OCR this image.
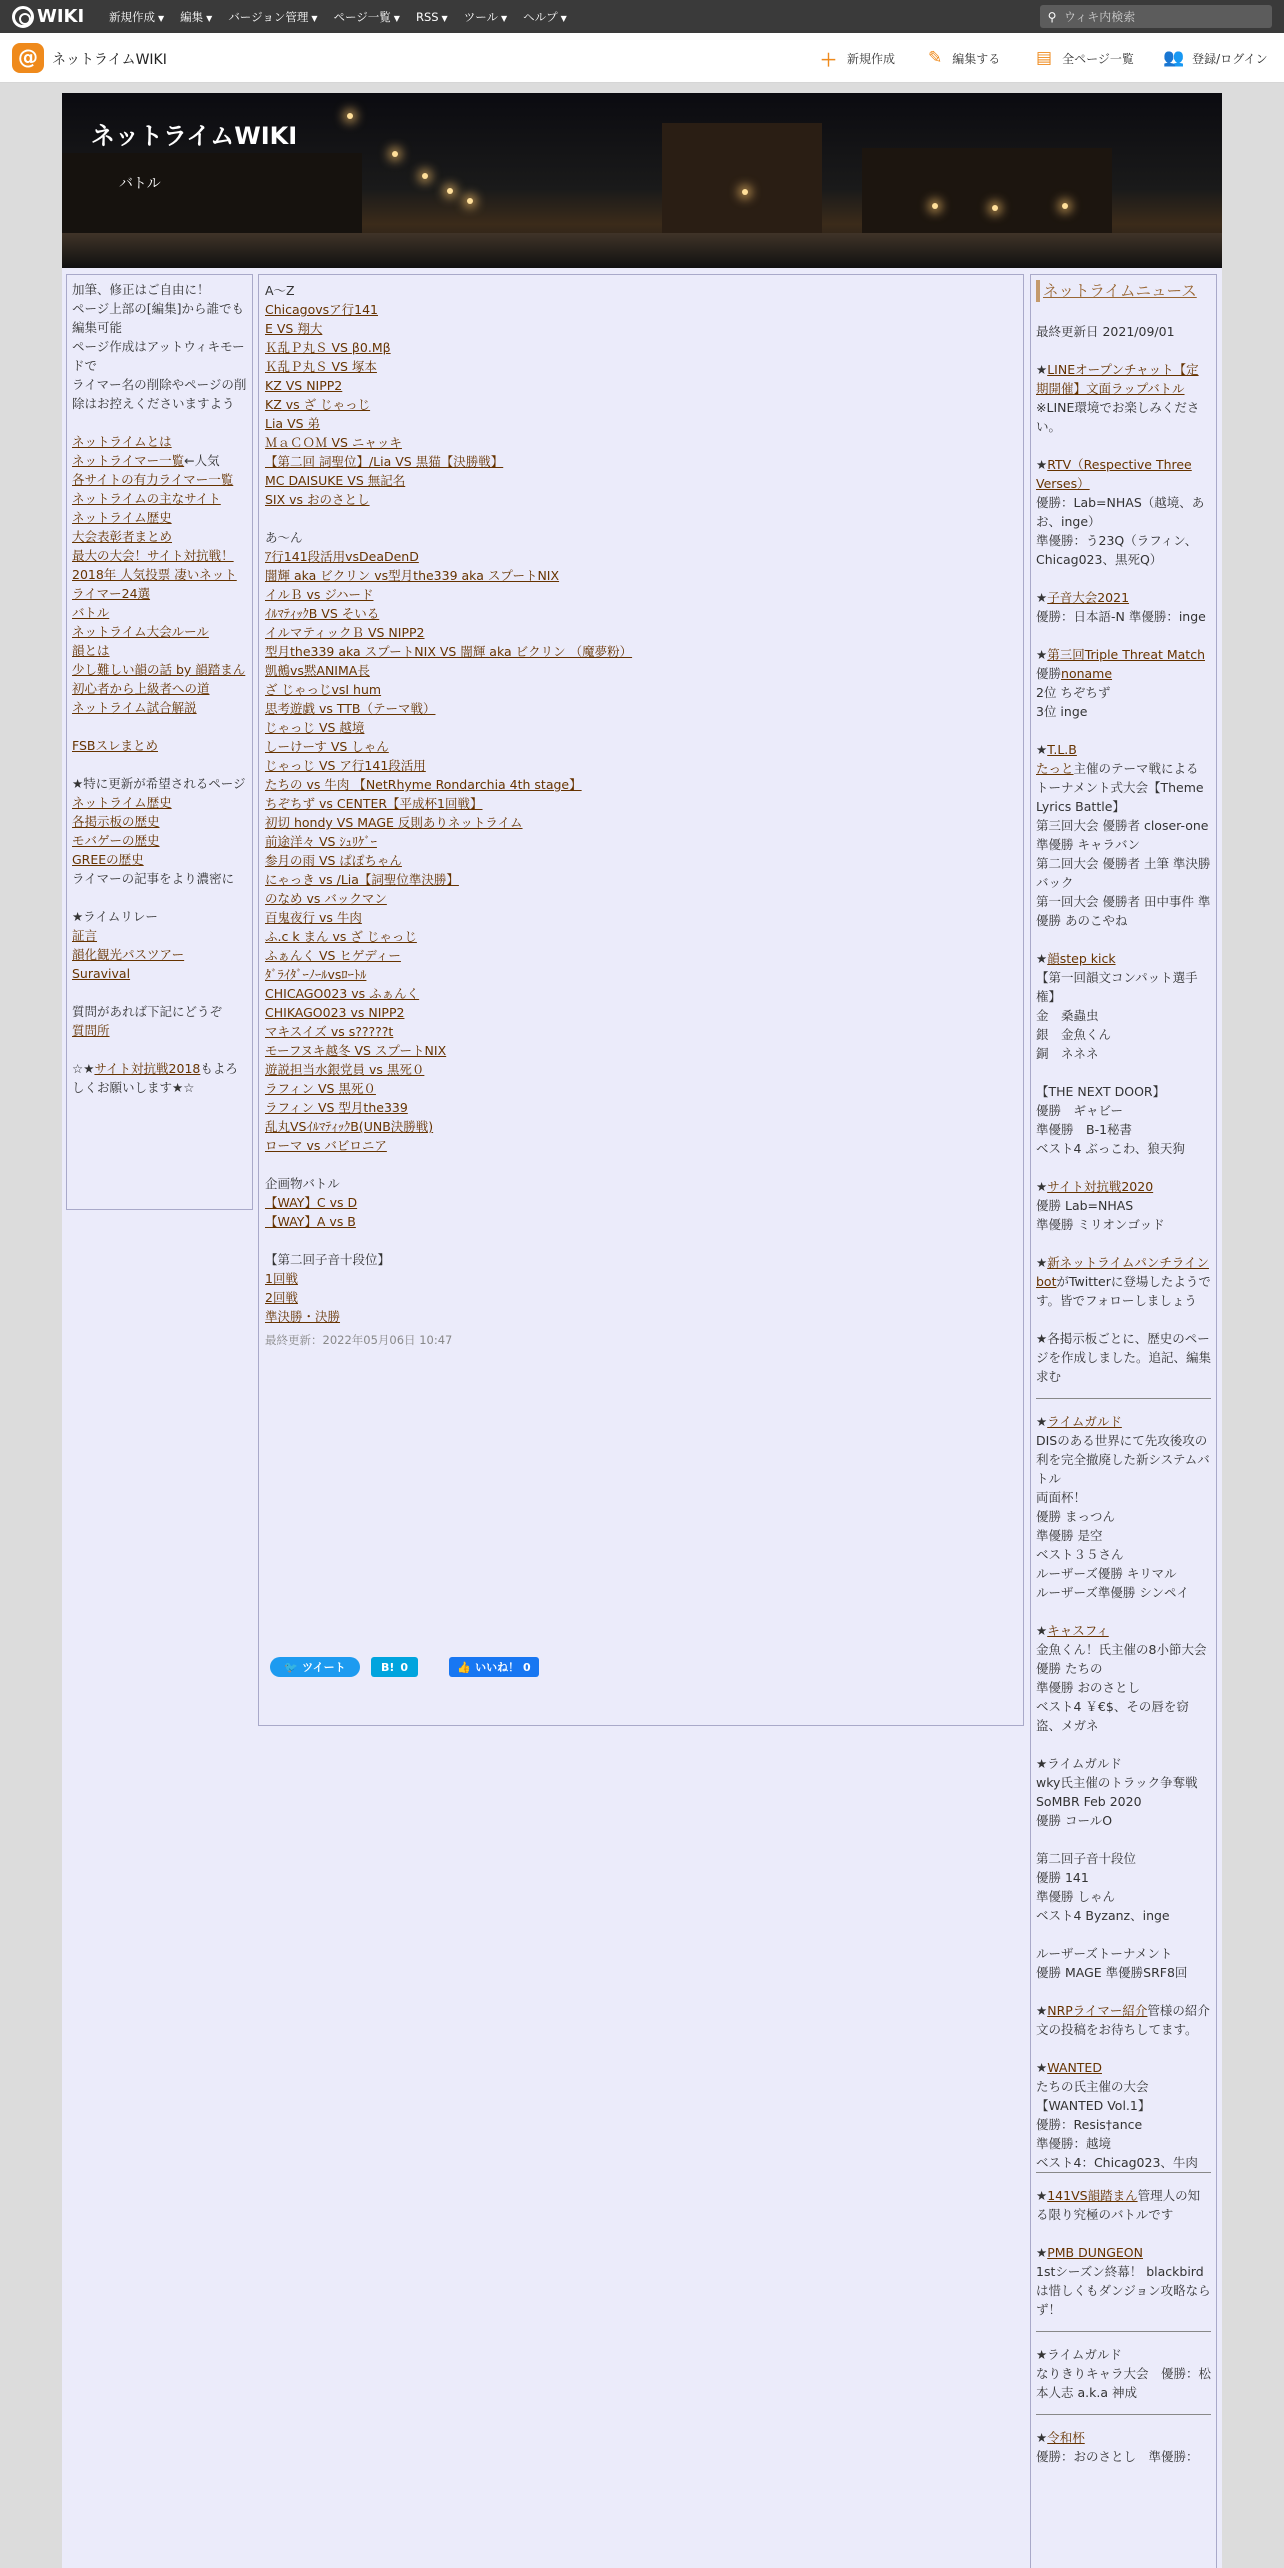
WIKI 新規作成 ▼ 編集 ▼ バージョン管理 ▼ ページ一覧 ▼ RSS ▼ ツール ▼ ヘルプ ▼	⚲
ウィキ内検索
@
ネットライムWIKI	＋ 新規作成 ✎ 編集する ▤ 全ページ一覧 👥 登録/ログイン
ネットライムWIKI
バトル
加筆、修正はご自由に！
ページ上部の[編集]から誰でも編集可能
ページ作成はアットウィキモードで
ライマー名の削除やページの削除はお控えくださいますよう
ネットライムとは
ネットライマー一覧←人気
各サイトの有力ライマー一覧
ネットライムの主なサイト
ネットライム歴史
大会表彰者まとめ
最大の大会！サイト対抗戦！
2018年 人気投票 凄いネットライマー24選
バトル
ネットライム大会ルール
韻とは
少し難しい韻の話 by 韻踏まん
初心者から上級者への道
ネットライム試合解説
FSBスレまとめ
★特に更新が希望されるページ
ネットライム歴史
各掲示板の歴史
モバゲーの歴史
GREEの歴史
ライマーの記事をより濃密に
★ライムリレー
証言
韻化観光パスツアー
Suravival
質問があれば下記にどうぞ
質問所
☆★サイト対抗戦2018もよろしくお願いします★☆
A～Z
Chicagovsア行141
E VS 翔大
Ｋ乱Ｐ丸Ｓ VS β0.Mβ
Ｋ乱Ｐ丸Ｓ VS 塚本
KZ VS NIPP2
KZ vs ざ じゃっじ
Lia VS 弟
ＭａＣＯＭ VS ニャッキ
【第二回 詞聖位】/Lia VS 黒猫【決勝戦】
MC DAISUKE VS 無記名
SIX vs おのさとし
あ～ん
ｱ行141段活用vsDeaDenD
闇輝 aka ビクリン vs型月the339 aka スプートNIX
イルＢ vs ジハード
ｲﾙﾏﾃｨｯｸB VS そいる
イルマティックＢ VS NIPP2
型月the339 aka スプートNIX VS 闇輝 aka ビクリン （魔夢粉）
凱鵺vs黙ANIMA長
ざ じゃっじvsI hum
思考遊戯 vs TTB（テーマ戦）
じゃっじ VS 越境
しーけーす VS しゃん
じゃっじ VS ア行141段活用
たちの vs 牛肉 【NetRhyme Rondarchia 4th stage】
ちぞちず vs CENTER【平成杯1回戦】
初切 hondy VS MAGE 反則ありネットライム
前途洋々 VS ｼｭﾘｹﾞｰ
参月の雨 VS ぱぽちゃん
にゃっき vs /Lia【詞聖位準決勝】
のなめ vs バックマン
百鬼夜行 vs 牛肉
ふ.c k まん vs ざ じゃっじ
ふぁんく VS ヒゲディー
ﾀﾞﾗｲﾀﾞｰﾉｰﾙvsﾛｰﾄﾙ
CHICAGO023 vs ふぁんく
CHIKAGO023 vs NIPP2
マキスイズ vs s?????t
モーフヌキ越冬 VS スプートNIX
遊説担当水銀党員 vs 黒死０
ラフィン VS 黒死０
ラフィン VS 型月the339
乱丸VSｲﾙﾏﾃｨｯｸB(UNB決勝戦)
ローマ vs バビロニア
企画物バトル
【WAY】C vs D
【WAY】A vs B
【第二回子音十段位】
1回戦
2回戦
準決勝・決勝
最終更新：2022年05月06日 10:47
🐦 ツイート	B! 0	👍 いいね！ 0
ネットライムニュース
最終更新日 2021/09/01
★LINEオープンチャット【定期開催】文面ラップバトル
※LINE環境でお楽しみください。
★RTV（Respective Three Verses）
優勝：Lab=NHAS（越境、あお、inge）
準優勝：う23Q（ラフィン、Chicag023、黒死Q）
★子音大会2021
優勝：日本語-N 準優勝：inge
★第三回Triple Threat Match
優勝noname
2位 ちぞちず
3位 inge
★T.L.B
たっと主催のテーマ戦によるトーナメント式大会【Theme Lyrics Battle】
第三回大会 優勝者 closer-one 準優勝 キャラバン
第二回大会 優勝者 土筆 準決勝 バック
第一回大会 優勝者 田中事件 準優勝 あのこやね
★韻step kick
【第一回韻文コンパット選手権】
金　桑蟲虫
銀　金魚くん
銅　ネネネ
【THE NEXT DOOR】
優勝　ギャビー
準優勝　B-1秘書
ベスト4 ぶっこわ、狼天狗
★サイト対抗戦2020
優勝 Lab=NHAS
準優勝 ミリオンゴッド
★新ネットライムパンチラインbotがTwitterに登場したようです。皆でフォローしましょう
★各掲示板ごとに、歴史のページを作成しました。追記、編集求む
★ライムガルド
DISのある世界にて先攻後攻の利を完全撤廃した新システムバトル
両面杯！
優勝 まっつん
準優勝 是空
ベスト３５さん
ルーザーズ優勝 キリマル
ルーザーズ準優勝 シンペイ
★キャスフィ
金魚くん！氏主催の8小節大会
優勝 たちの
準優勝 おのさとし
ベスト4 ￥€$、その唇を窃盗、メガネ
★ライムガルド
wky氏主催のトラック争奪戦 SoMBR Feb 2020
優勝 コールO
第二回子音十段位
優勝 141
準優勝 しゃん
ベスト4 Byzanz、inge
ルーザーズトーナメント
優勝 MAGE 準優勝SRF8回
★NRPライマー紹介管様の紹介文の投稿をお待ちしてます。
★WANTED
たちの氏主催の大会
【WANTED Vol.1】
優勝：Resis†ance
準優勝：越境
ベスト4：Chicag023、牛肉
★141VS韻踏まん管理人の知る限り究極のバトルです
★PMB DUNGEON
1stシーズン終幕！ blackbirdは惜しくもダンジョン攻略ならず！
★ライムガルド
なりきりキャラ大会　優勝：松本人志 a.k.a 神成
★令和杯
優勝：おのさとし　準優勝：
